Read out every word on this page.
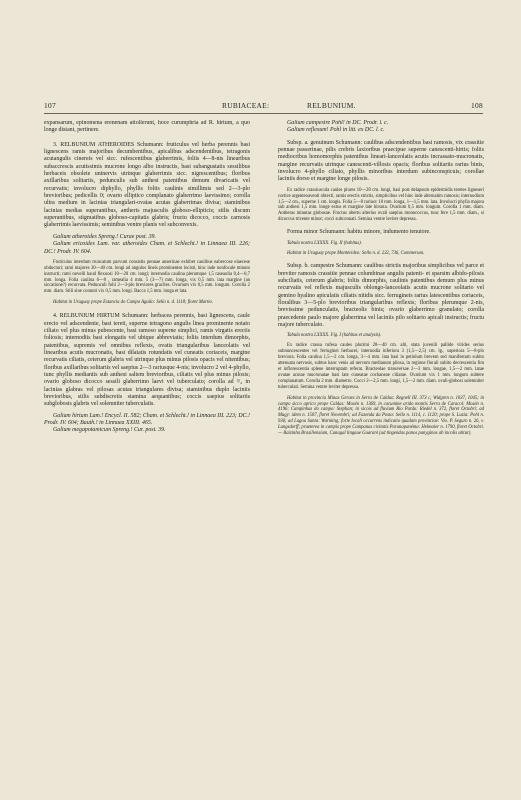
107	RUBIACEAE:	RELBUNIUM.	108

expansarum, epinomena erenenam attollerunt, hoce curumphria ad R. hirtum, a quo longe distant, pertinere.

3. RELBUNIUM ATHEROIDES Schumann: fruticulus vel herba perennis basi lignescens ramis majoribus decumbentibus, apicalibus adscendentibus, tetragonis acutangulis cinereis vel sicc. rufescentibus glaberrimis, foliis 4—8-nis linearibus subaccrescis acutissimis mucrone longo albo instructis, basi subangustatis sessilibus herbaceis obsolete uninervis utrinque glaberrimis sicc. nigrescentibus; floribus axillaribus solitariis, pedunculis sub anthesi patentibus demum divaricatis vel recurvatis; involucro diphyllo, phyllis foliis caulinis simillimis sed 2—3-plo brevioribus; pedicellis 0; ovario elliptico complanato glaberrimo laevissimo; corolla ultra medium in lacinias triangulari-ovatas acutas glaberrimas divisa; staminibus lacinias medias superantibus, antheris majusculis globoso-ellipticis; stilis discum superantibus, stigmatibus globoso-capitatis glabris; fructu dicocco, coccis carnosis glaberrimis laevissimis; seminibus ventre planis vel subconvexis.

Galium atheroides Spreng.! Curae post. 39.

Galium ericoides Lam. var. atheroides Cham. et Schlecht.! in Linnaea III. 226; DC.! Prodr. IV. 604.

Fruticulus interdum truncatum parvum consistis pennae anserinae exhibet caulibus eabercose eiaecese obducturi; rami majores 30—40 cm. longi ad angulos lineis prominentes incisti, hinc inde nonfocale minuto instructi; rami novelli haud flexuosi 10—20 cm. longi; internodia caulina plerumque 1,5 raseaolia 0,4—0,7 mm. longa. Folia caulina 6—8 , ramealia 4 mm. 5 (3—7) mm. longa, vix 0,5 mm. lata margine (an siccatione?) recurvata. Pedunculi folii 2—3-plo breviores graciles. Ovarium vix 0,5 mm. longum. Corolla 2 mm. diam. Stili sine connuti vix 0,5 mm. longi. Bacca 1,5 mm. longa et lata.

Habitat in Uruguay prope Estancia do Campo Aguilo: Sello n. d. 1118; floret Martio.

4. RELBUNIUM HIRTUM Schumann: herbacea perennis, basi lignescens, caule erecto vel adscendente, basi tereti, superne tetragono angulis linea prominente notato ciliato vel plus minus pubescente, basi ramoso superne simplici, ramis virgatis erectis foliosis; internodiis basi elongatis vel ubique abbreviatis; foliis interdum dimorphis, patentibus, supremis vel omnibus reflexis, ovatis triangularibus lanceolatis vel linearibus acutis mucronatis, basi dilatatis rotundatis vel cuneatis coriaceis, margine recurvatis ciliatis, ceterum glabris vel utrinque plus minus pilosis opacis vel nitentibus; floribus axillaribus solitariis vel saepius 2—3 rariusque 4-nis; involucro 2 vel 4-phyllo, tunc phyllis mediantis sub anthesi saltem brevioribus, ciliatis vel plus minus pilosis; ovario globoso dicocco sessili glaberrimo laevi vel tuberculato; corolla ad ³/₄ in lacinias glabras vel pilosas acutas triangulares divisa; staminibus duplo laciniis brevioribus, stilis subdiscretis stamina aequantibus; coccis saepius solitariis subglobosis glabris vel solemniter tuberculatis.

Galium hirtum Lam.! Encycl. II. 582; Cham. et Schlecht.! in Linnaea III. 223; DC.! Prodr. IV. 604; Bauth.! in Linnaea XXIII. 465.

Galium megapotamicum Spreng.! Cur. post. 39.

Galium campestre Pohl! in DC. Prodr. l. c.

Galium reflexum! Pohl in litt. ex DC. l. c.

Subsp. a. genuinum Schumann: caulibus adscendentibus basi ramosis, vix crassitie pennae passerinae, pilis crebris laxioribus praecipue superne canescenti-hirtis; foliis mediocribus homomorphis patentibus lineari-lanceolatis acutis incrassato-mucronatis, margine recurvatis utrinque canescenti-villosis opacis; floribus solitariis rarius binis, involucro 4-phyllo ciliato, phyllis minoribus interdum subinconspicuis; corollae laciniis dorso et margine longe pilosis.

Ex radice crassiuscula caules plures 10—20 cm. longi, basi post delapsum epidermidis teretes ligneseri cortice argenteoaventi obtecti, ramis erectis strictis, simplicibus vel hinc inde alternatim ramosis; internodium 1,5—2 cm., superne 1 cm. longis. Folia 5—8 rariusv 10 mm. longa, 1—1,5 mm. lata. Involucri phylla majora sub anthesi 1,5 mm. longe extus et margine late hirsuta. Ovarium 0,5 mm. longum. Corolla 1 mm. diam. Antheras minutas globosae. Fructus ubertu alterius ovali saepius monococcus, tunc fere 1,5 mm. diam., si dicoccus tricente minor; cocci subconnati. Semina ventre leviter depressa.

Forma minor Schumann: habitu minore, indumento tenuiore.

Tabula nostra LXXXX. Fig. II (habitus).

Habitat in Uruguay prope Montevideo: Sello n. d. 232, 736, Commerson.

Subsp. b. campestre Schumann: caulibus strictis majoribus simplicibus vel parce et breviter ramosis crassitie pennae columbinae angulis patenti- et sparsim albido-pilosis subciliatis, ceterum glabris; foliis dimorphis, caulinis patentibus demum plus minus recurvatis vel reflexis majusculis oblongo-lanceolatis acutis mucrone solitario vel gemino hyalino apiculatis ciliatis nitidis sicc. ferrugineis rarius latescentibus coriaceis, floralibus 3—5-plo brevioribus triangularibus reflexis; floribus plerumque 2-nis, brevissime pedunculatis, bracteolis binis; ovario glaberrimo granulato; corolla praecedente paulo majore glaberrima vel laciniis pilo solitario apicali instructis; fructu majore tuberculato.

Tabula nostra LXXXX. Fig. I (habitus et analysis).

Ex radice crassa rufesa caules plurimi 20—40 cm. alti, stata juvenili pallide virides serius subnuncescentes vel ferruginei herbacei; internodia inferiora 3 (1,5—2,5) cm. lg., superiora 5—8-plo breviora. Folia caulina 1,5—2 cm. longa, 3—4 mm. lata basi in petiolum brevem sed manifestum subito attenuata nervosis, subtus hanc venis ad nervum medianum pilosa, in regione florali subito decrescentia fim et inflorescentia splene interruptam referat. Bracteolae transversae 2—3 mm. longae, 1,5—2 mm. latae ovatae acutae mucronatae basi late cuneatae cochaneae ciliatae. Ovarium vix 1 mm. longum subtere complanatum. Corolla 2 mm. diametro. Cocci 2—2,5 mm. longi, 1,5—2 mm. diam. ovali-globosi solemniter tuberculati. Semina ventre leviter depressa.

Habitat in provincia Minas Geraes in Serra de Caldas: Regnell III. 373 c, Widgren n. 1037, 1045; in campo sicco aprico prope Caldas: Mosén n. 1369, in cacumine arido montis Serra de Caracol: Mosén n. 4196; Campinhas do campo: Stephan; in sicois ad fluvium Rio Pardo: Riedel n. 372, floret Octobri; ad Mugy: idem n. 1507, floret Novembri; ad Fazenda da Posta: Sello n. 1114, c. 1120; prope S. Luzia: Pohl n. 936; ad Lagoa Santa: Warming; forte locali occurrens indicatio quadam provinciae: Vio. P. Seguro n. 26, v. Langsdorff; praeterea in campis prope Campanas civitatis Paranapanéma: Helmaier n. 1790, floret Octobri. — Raizinha Brasiliensium, Canagal lingaue Guarani (ad tingendas panos panyginos ab incolis utitur).
